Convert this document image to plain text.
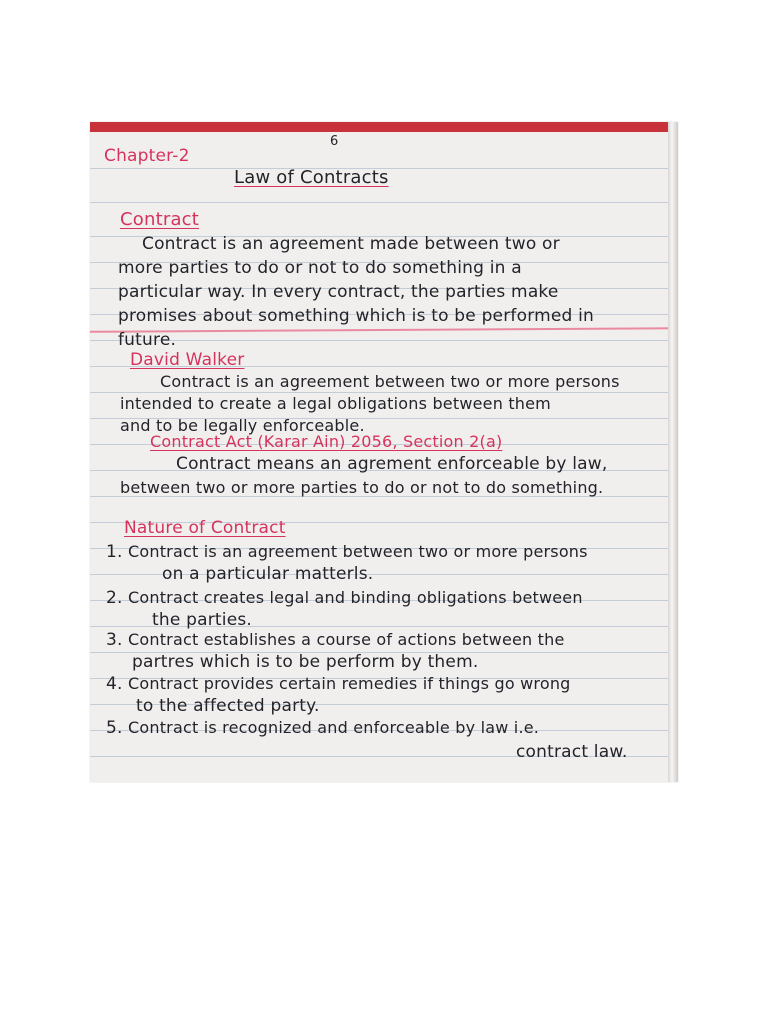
6

Chapter-2

Law of Contracts

Contract

Contract is an agreement made between two or

more parties to do or not to do something in a

particular way. In every contract, the parties make

promises about something which is to be performed in

future.

David Walker

Contract is an agreement between two or more persons

intended to create a legal obligations between them

and to be legally enforceable.

Contract Act (Karar Ain) 2056, Section 2(a)

Contract means an agrement enforceable by law,

between two or more parties to do or not to do something.

Nature of Contract

1. Contract is an agreement between two or more persons

on a particular matterls.

2. Contract creates legal and binding obligations between

the parties.

3. Contract establishes a course of actions between the

partres which is to be perform by them.

4. Contract provides certain remedies if things go wrong

to the affected party.

5. Contract is recognized and enforceable by law i.e.

contract law.
